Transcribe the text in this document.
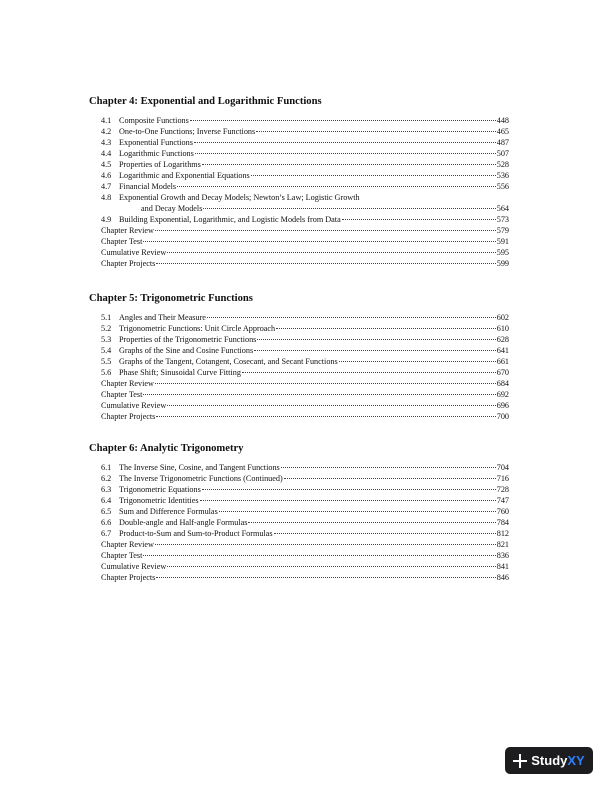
Chapter 4: Exponential and Logarithmic Functions
4.1 Composite Functions	448
4.2 One-to-One Functions; Inverse Functions	465
4.3 Exponential Functions	487
4.4 Logarithmic Functions	507
4.5 Properties of Logarithms	528
4.6 Logarithmic and Exponential Equations	536
4.7 Financial Models	556
4.8 Exponential Growth and Decay Models; Newton’s Law; Logistic Growth
and Decay Models	564
4.9 Building Exponential, Logarithmic, and Logistic Models from Data	573
Chapter Review	579
Chapter Test	591
Cumulative Review	595
Chapter Projects	599
Chapter 5: Trigonometric Functions
5.1 Angles and Their Measure	602
5.2 Trigonometric Functions: Unit Circle Approach	610
5.3 Properties of the Trigonometric Functions	628
5.4 Graphs of the Sine and Cosine Functions	641
5.5 Graphs of the Tangent, Cotangent, Cosecant, and Secant Functions	661
5.6 Phase Shift; Sinusoidal Curve Fitting	670
Chapter Review	684
Chapter Test	692
Cumulative Review	696
Chapter Projects	700
Chapter 6: Analytic Trigonometry
6.1 The Inverse Sine, Cosine, and Tangent Functions	704
6.2 The Inverse Trigonometric Functions (Continued)	716
6.3 Trigonometric Equations	728
6.4 Trigonometric Identities	747
6.5 Sum and Difference Formulas	760
6.6 Double-angle and Half-angle Formulas	784
6.7 Product-to-Sum and Sum-to-Product Formulas	812
Chapter Review	821
Chapter Test	836
Cumulative Review	841
Chapter Projects	846
StudyXY
